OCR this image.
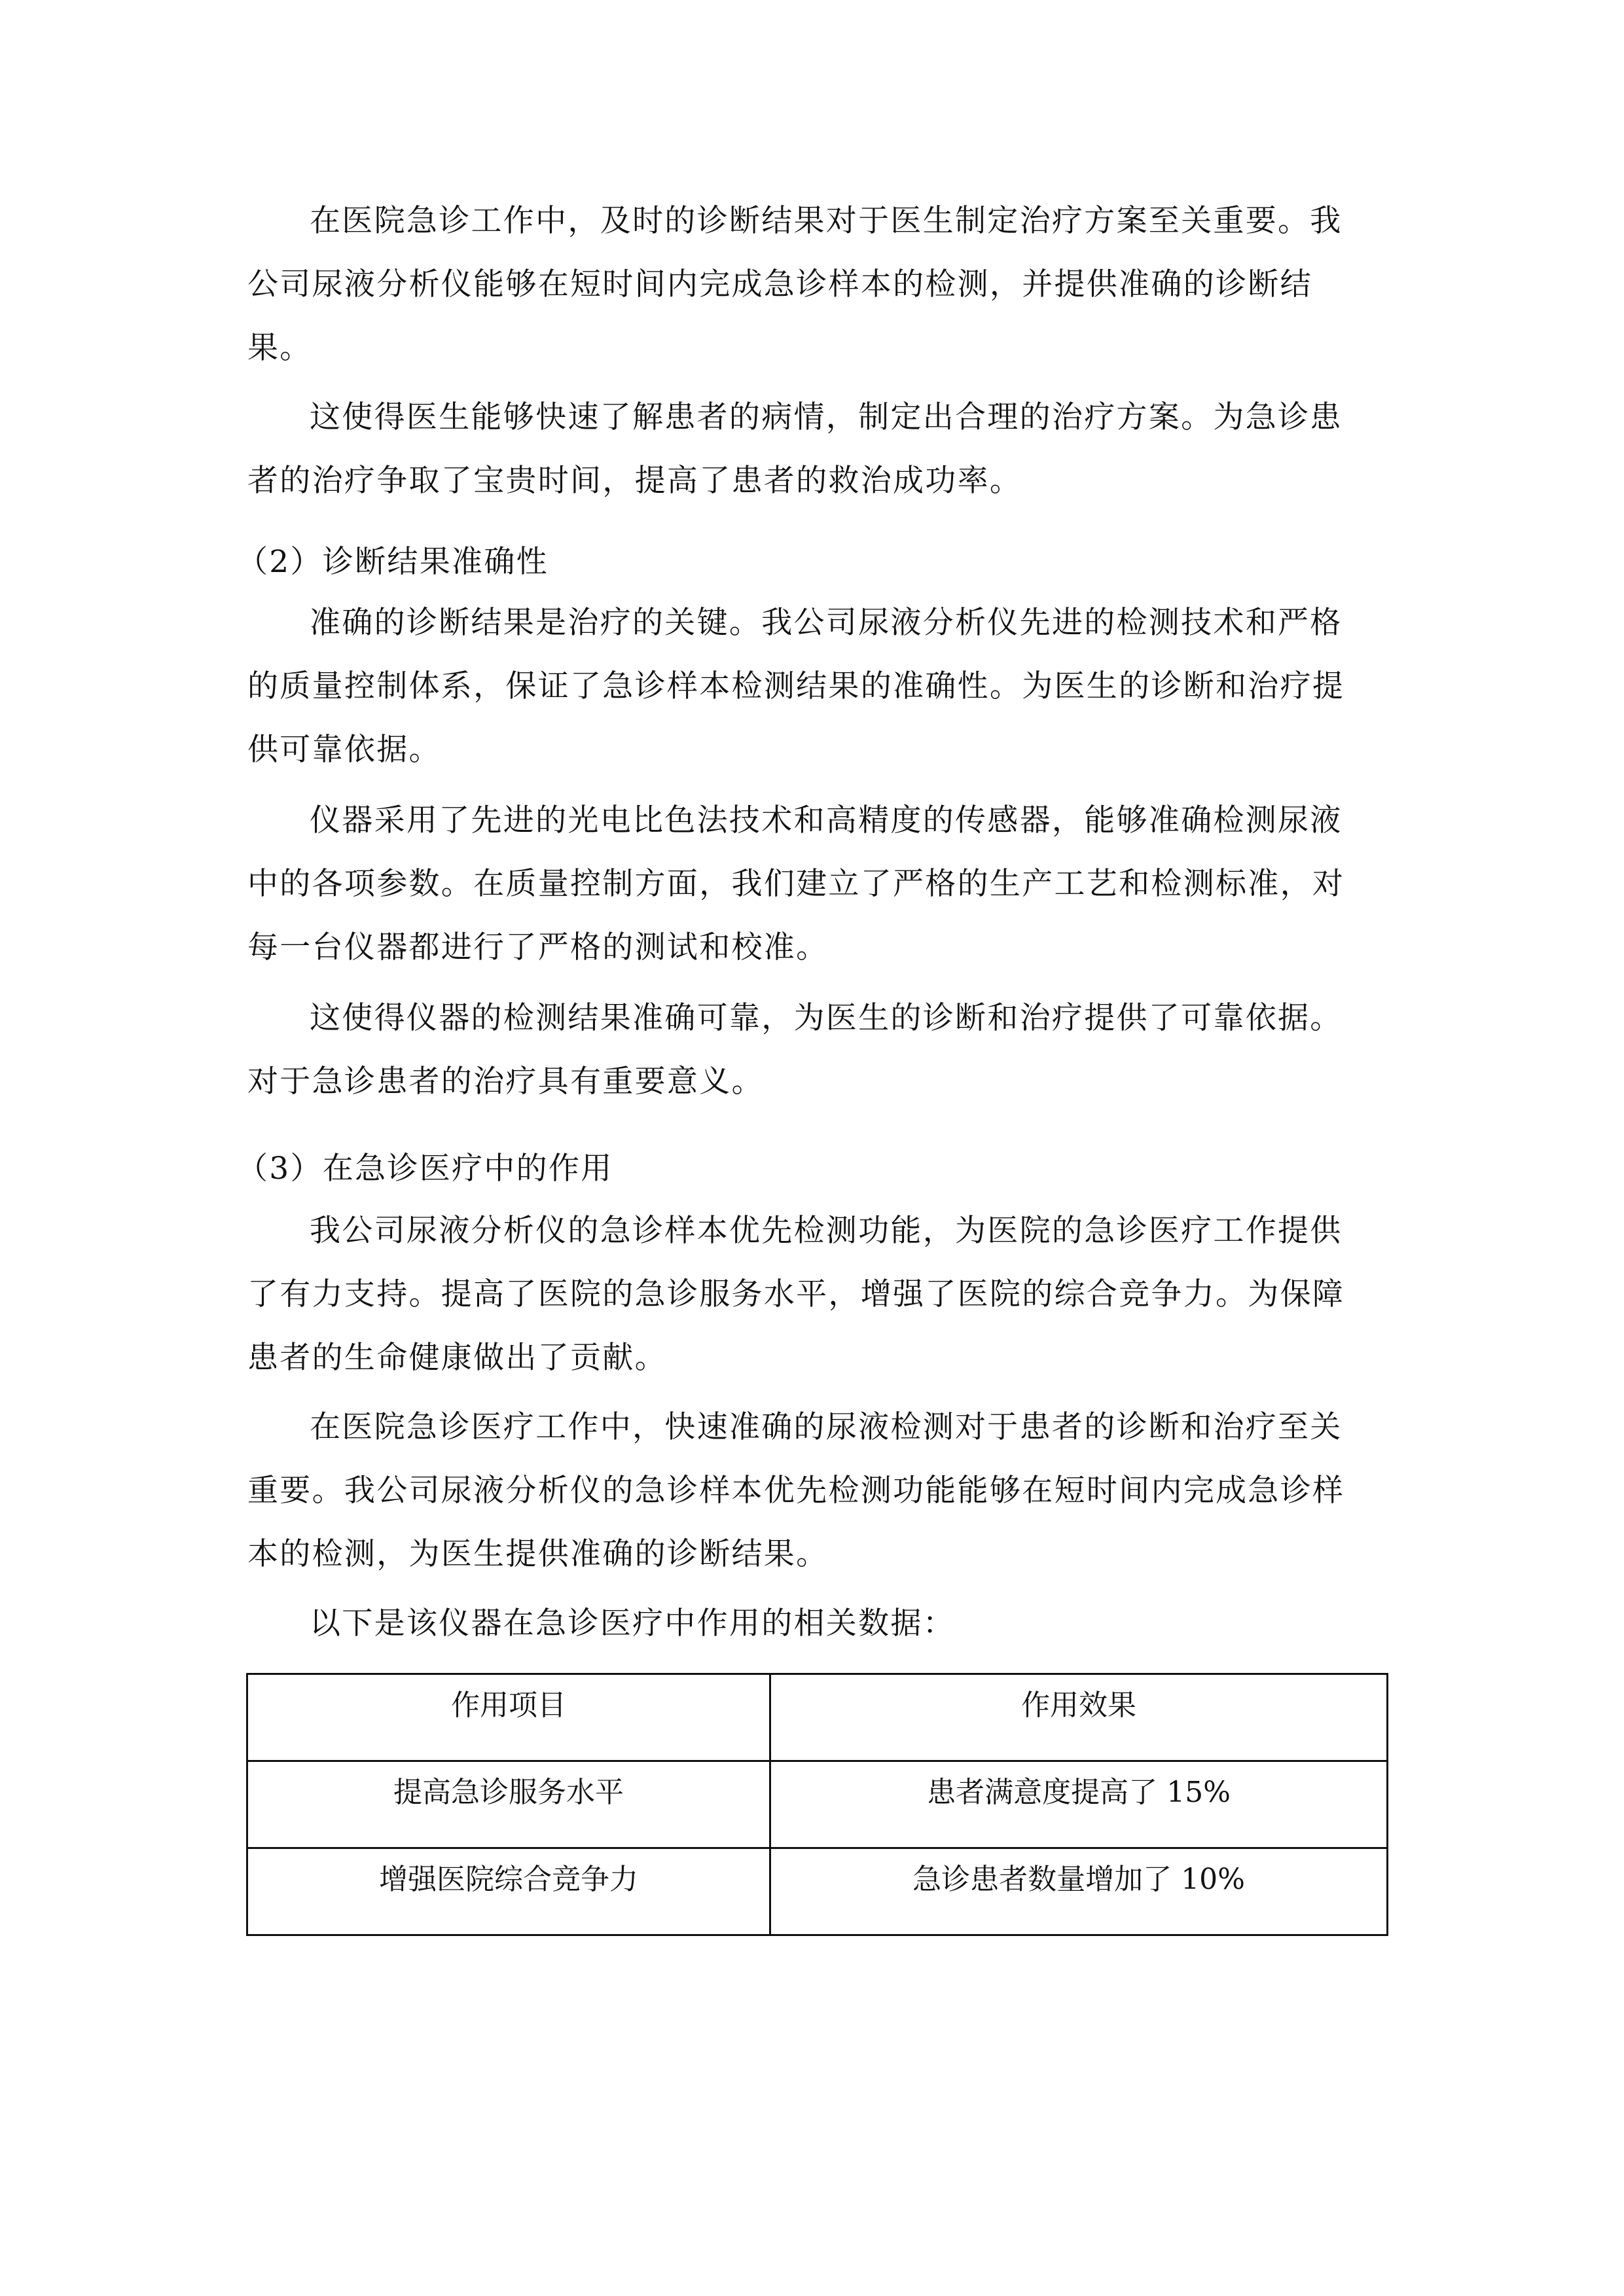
在医院急诊工作中，及时的诊断结果对于医生制定治疗方案至关重要。我
公司尿液分析仪能够在短时间内完成急诊样本的检测，并提供准确的诊断结
果。
这使得医生能够快速了解患者的病情，制定出合理的治疗方案。为急诊患
者的治疗争取了宝贵时间，提高了患者的救治成功率。
（2）诊断结果准确性
准确的诊断结果是治疗的关键。我公司尿液分析仪先进的检测技术和严格
的质量控制体系，保证了急诊样本检测结果的准确性。为医生的诊断和治疗提
供可靠依据。
仪器采用了先进的光电比色法技术和高精度的传感器，能够准确检测尿液
中的各项参数。在质量控制方面，我们建立了严格的生产工艺和检测标准，对
每一台仪器都进行了严格的测试和校准。
这使得仪器的检测结果准确可靠，为医生的诊断和治疗提供了可靠依据。
对于急诊患者的治疗具有重要意义。
（3）在急诊医疗中的作用
我公司尿液分析仪的急诊样本优先检测功能，为医院的急诊医疗工作提供
了有力支持。提高了医院的急诊服务水平，增强了医院的综合竞争力。为保障
患者的生命健康做出了贡献。
在医院急诊医疗工作中，快速准确的尿液检测对于患者的诊断和治疗至关
重要。我公司尿液分析仪的急诊样本优先检测功能能够在短时间内完成急诊样
本的检测，为医生提供准确的诊断结果。
以下是该仪器在急诊医疗中作用的相关数据：
作用项目	作用效果
提高急诊服务水平	患者满意度提高了 15%
增强医院综合竞争力	急诊患者数量增加了 10%
